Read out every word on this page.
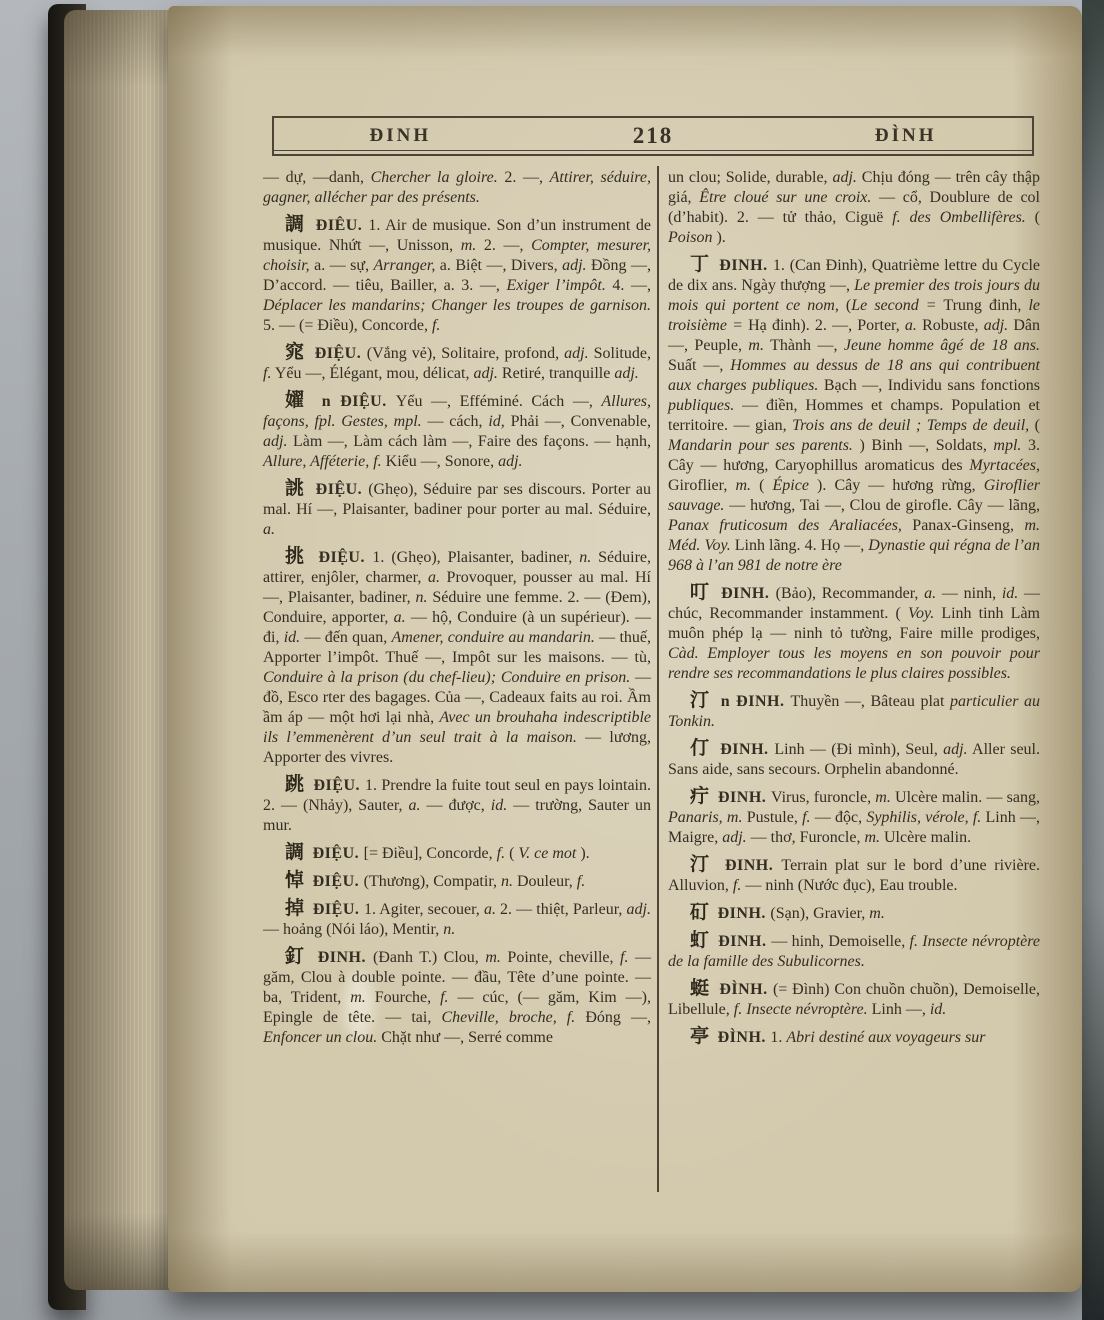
ĐINH	218	ĐÌNH

— dự, —danh, Chercher la gloire. 2. —, Attirer, séduire, gagner, allécher par des présents.

調 ĐIÊU. 1. Air de musique. Son d’un instrument de musique. Nhứt —, Unisson, m. 2. —, Compter, mesurer, choisir, a. — sự, Arranger, a. Biệt —, Divers, adj. Đồng —, D’accord. — tiêu, Bailler, a. 3. —, Exiger l’impôt. 4. —, Déplacer les mandarins; Changer les troupes de garnison. 5. — (= Điều), Concorde, f.

窕 ĐIỆU. (Vắng vẻ), Solitaire, profond, adj. Solitude, f. Yểu —, Élégant, mou, délicat, adj. Retiré, tranquille adj.

嬥 n ĐIỆU. Yểu —, Efféminé. Cách —, Allures, façons, fpl. Gestes, mpl. — cách, id, Phải —, Convenable, adj. Làm —, Làm cách làm —, Faire des façons. — hạnh, Allure, Afféterie, f. Kiểu —, Sonore, adj.

誂 ĐIỆU. (Ghẹo), Séduire par ses discours. Porter au mal. Hí —, Plaisanter, badiner pour porter au mal. Séduire, a.

挑 ĐIỆU. 1. (Ghẹo), Plaisanter, badiner, n. Séduire, attirer, enjôler, charmer, a. Provoquer, pousser au mal. Hí —, Plaisanter, badiner, n. Séduire une femme. 2. — (Đem), Conduire, apporter, a. — hộ, Conduire (à un supérieur). — đi, id. — đến quan, Amener, conduire au mandarin. — thuế, Apporter l’impôt. Thuế —, Impôt sur les maisons. — tù, Conduire à la prison (du chef-lieu); Conduire en prison. — đồ, Esco rter des bagages. Của —, Cadeaux faits au roi. Ầm ầm áp — một hơi lại nhà, Avec un brouhaha indescriptible ils l’emmenèrent d’un seul trait à la maison. — lương, Apporter des vivres.

跳 ĐIỆU. 1. Prendre la fuite tout seul en pays lointain. 2. — (Nhảy), Sauter, a. — được, id. — trường, Sauter un mur.

調 ĐIỆU. [= Điều], Concorde, f. ( V. ce mot ).

悼 ĐIỆU. (Thương), Compatir, n. Douleur, f.

掉 ĐIỆU. 1. Agiter, secouer, a. 2. — thiệt, Parleur, adj. — hoảng (Nói láo), Mentir, n.

釘 ĐINH. (Đanh T.) Clou, m. Pointe, cheville, f. — găm, Clou à double pointe. — đầu, Tête d’une pointe. — ba, Trident, m. Fourche, f. — cúc, (— găm, Kim —), Epingle de tête. — tai, Cheville, broche, f. Đóng —, Enfoncer un clou. Chặt như —, Serré comme

un clou; Solide, durable, adj. Chịu đóng — trên cây thập giá, Être cloué sur une croix. — cổ, Doublure de col (d’habit). 2. — tử thảo, Ciguë f. des Ombellifères. ( Poison ).

丁 ĐINH. 1. (Can Đinh), Quatrième lettre du Cycle de dix ans. Ngày thượng —, Le premier des trois jours du mois qui portent ce nom, (Le second = Trung đinh, le troisième = Hạ đinh). 2. —, Porter, a. Robuste, adj. Dân —, Peuple, m. Thành —, Jeune homme âgé de 18 ans. Suất —, Hommes au dessus de 18 ans qui contribuent aux charges publiques. Bạch —, Individu sans fonctions publiques. — điền, Hommes et champs. Population et territoire. — gian, Trois ans de deuil ; Temps de deuil, ( Mandarin pour ses parents. ) Binh —, Soldats, mpl. 3. Cây — hương, Caryophillus aromaticus des Myrtacées, Giroflier, m. ( Épice ). Cây — hương rừng, Giroflier sauvage. — hương, Tai —, Clou de girofle. Cây — lãng, Panax fruticosum des Araliacées, Panax-Ginseng, m. Méd. Voy. Linh lãng. 4. Họ —, Dynastie qui régna de l’an 968 à l’an 981 de notre ère

叮 ĐINH. (Bảo), Recommander, a. — ninh, id. — chúc, Recommander instamment. ( Voy. Linh tinh Làm muôn phép lạ — ninh tỏ tường, Faire mille prodiges, Càd. Employer tous les moyens en son pouvoir pour rendre ses recommandations le plus claires possibles.

汀 n ĐINH. Thuyền —, Bâteau plat particulier au Tonkin.

仃 ĐINH. Linh — (Đi mình), Seul, adj. Aller seul. Sans aide, sans secours. Orphelin abandonné.

疔 ĐINH. Virus, furoncle, m. Ulcère malin. — sang, Panaris, m. Pustule, f. — độc, Syphilis, vérole, f. Linh —, Maigre, adj. — thơ, Furoncle, m. Ulcère malin.

汀 ĐINH. Terrain plat sur le bord d’une rivière. Alluvion, f. — ninh (Nước đục), Eau trouble.

矴 ĐINH. (Sạn), Gravier, m.

虰 ĐINH. — hinh, Demoiselle, f. Insecte névroptère de la famille des Subulicornes.

蜓 ĐÌNH. (= Đình) Con chuồn chuồn), Demoiselle, Libellule, f. Insecte névroptère. Linh —, id.

亭 ĐÌNH. 1. Abri destiné aux voyageurs sur
